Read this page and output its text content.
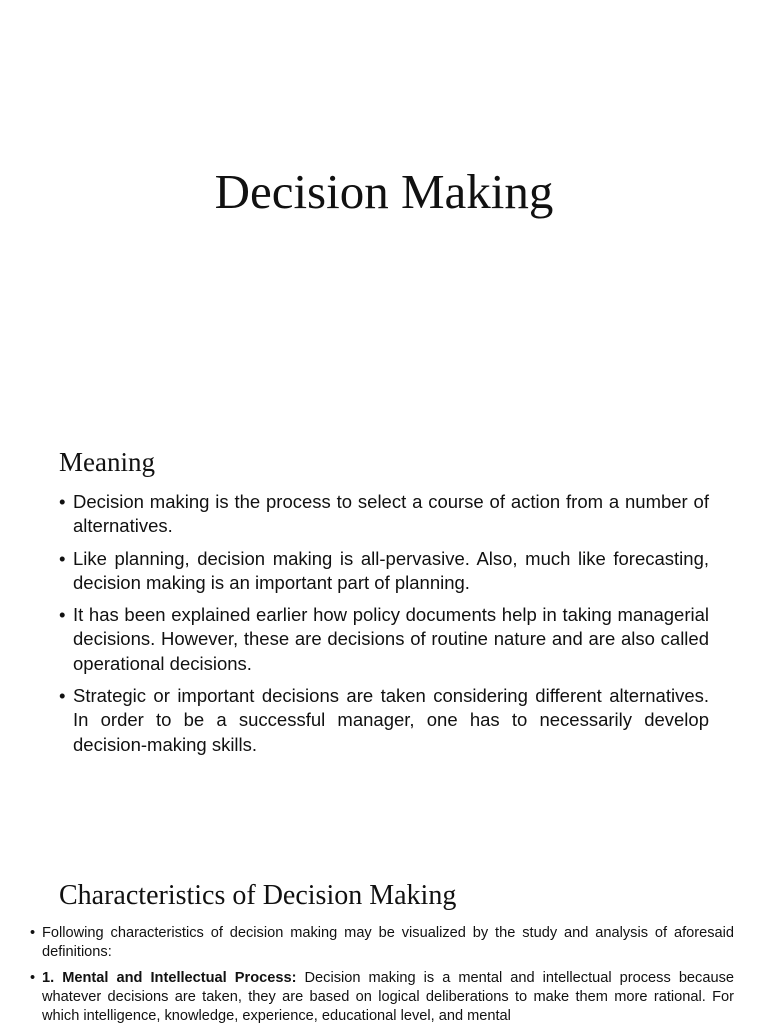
Decision Making
Meaning
• Decision making is the process to select a course of action from a number of alternatives.
• Like planning, decision making is all-pervasive. Also, much like forecasting, decision making is an important part of planning.
• It has been explained earlier how policy documents help in taking managerial decisions. However, these are decisions of routine nature and are also called operational decisions.
• Strategic or important decisions are taken considering different alternatives. In order to be a successful manager, one has to necessarily develop decision-making skills.
Characteristics of Decision Making
• Following characteristics of decision making may be visualized by the study and analysis of aforesaid definitions:
• 1. Mental and Intellectual Process: Decision making is a mental and intellectual process because whatever decisions are taken, they are based on logical deliberations to make them more rational. For which intelligence, knowledge, experience, educational level, and mental
